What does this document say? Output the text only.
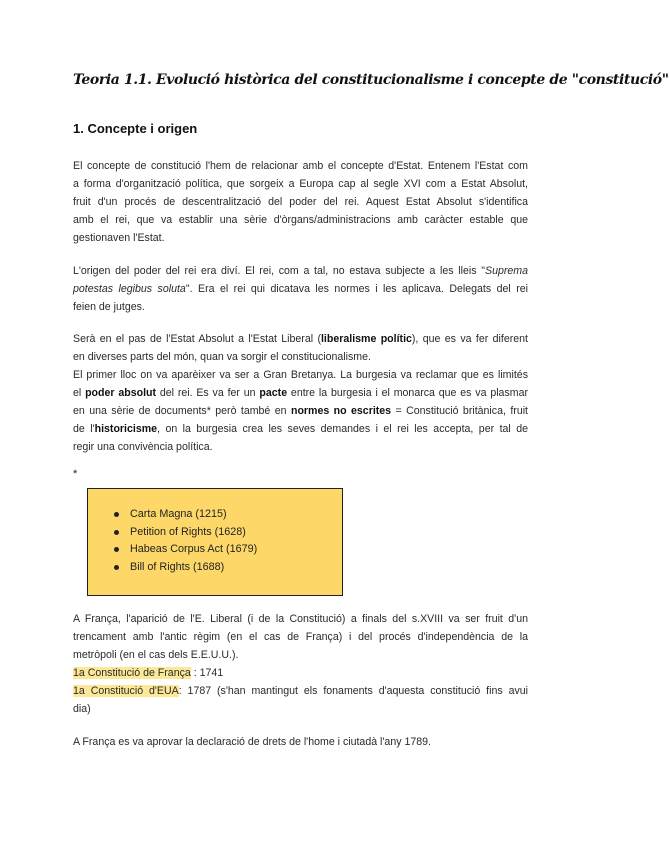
Teoria 1.1. Evolució històrica del constitucionalisme i concepte de "constitució"
1. Concepte i origen
El concepte de constitució l'hem de relacionar amb el concepte d'Estat. Entenem l'Estat com
a forma d'organització política, que sorgeix a Europa cap al segle XVI com a Estat Absolut,
fruit d'un procés de descentralització del poder del rei. Aquest Estat Absolut s'identifica
amb el rei, que va establir una sèrie d'òrgans/administracions amb caràcter estable que
gestionaven l'Estat.
L'origen del poder del rei era diví. El rei, com a tal, no estava subjecte a les lleis "Suprema
potestas legibus soluta". Era el rei qui dicatava les normes i les aplicava. Delegats del rei
feien de jutges.
Serà en el pas de l'Estat Absolut a l'Estat Liberal (liberalisme polític), que es va fer diferent
en diverses parts del món, quan va sorgir el constitucionalisme.
El primer lloc on va aparèixer va ser a Gran Bretanya. La burgesia va reclamar que es limités
el poder absolut del rei. Es va fer un pacte entre la burgesia i el monarca que es va plasmar
en una sèrie de documents* però també en normes no escrites = Constitució britànica, fruit
de l'historicisme, on la burgesia crea les seves demandes i el rei les accepta, per tal de
regir una convivència política.
*
Carta Magna (1215)
Petition of Rights (1628)
Habeas Corpus Act (1679)
Bill of Rights (1688)
A França, l'aparició de l'E. Liberal (i de la Constitució) a finals del s.XVIII va ser fruit d'un
trencament amb l'antic règim (en el cas de França) i del procés d'independència de la
metròpoli (en el cas dels E.E.U.U.).
1a Constitució de França : 1741
1a Constitució d'EUA: 1787 (s'han mantingut els fonaments d'aquesta constitució fins avui
dia)
A França es va aprovar la declaració de drets de l'home i ciutadà l'any 1789.
